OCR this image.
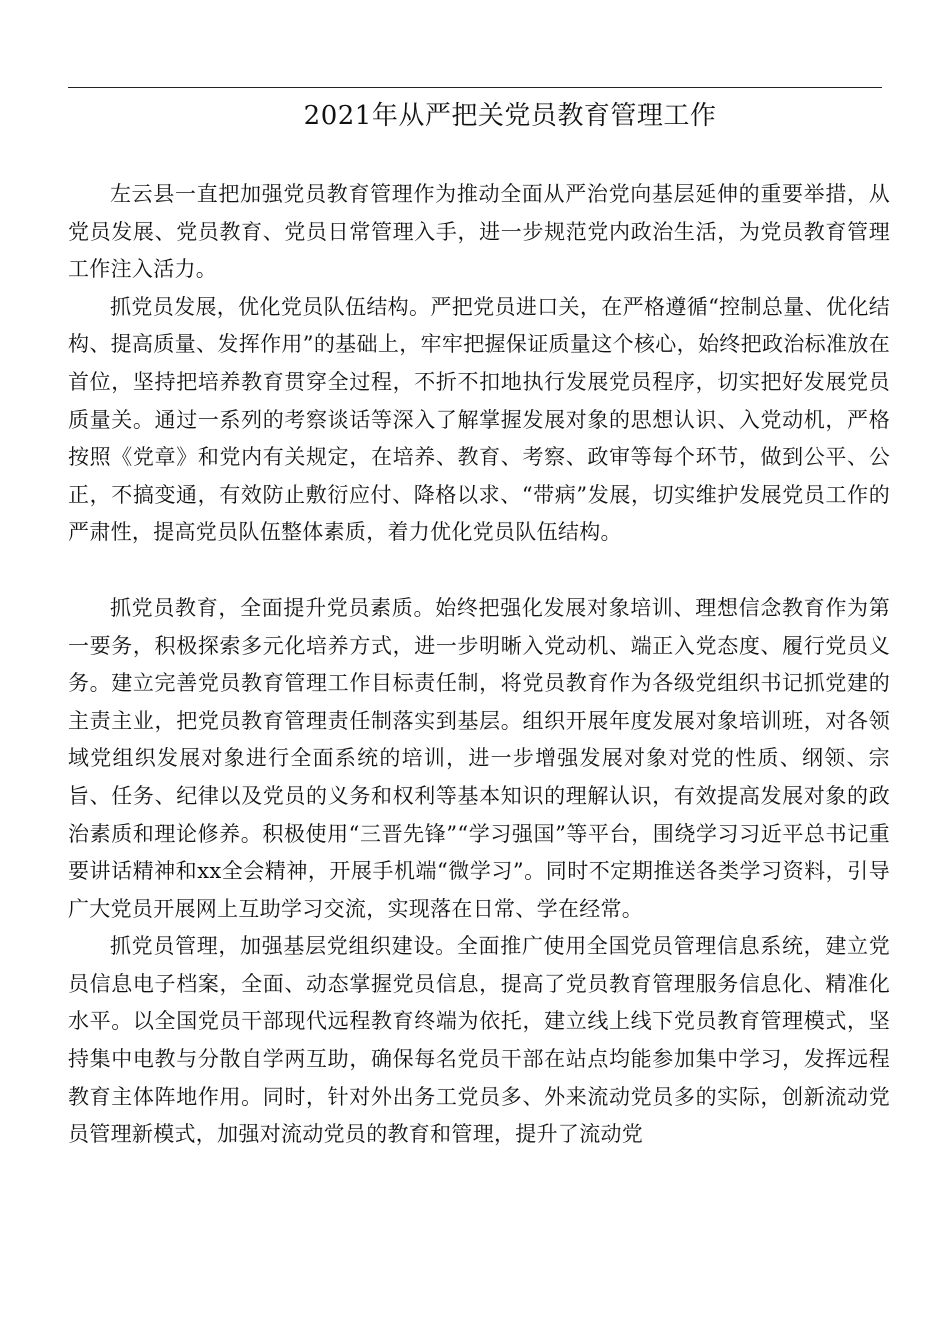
2021年从严把关党员教育管理工作

左云县一直把加强党员教育管理作为推动全面从严治党向基层延伸的重要举措，从党员发展、党员教育、党员日常管理入手，进一步规范党内政治生活，为党员教育管理工作注入活力。

抓党员发展，优化党员队伍结构。严把党员进口关，在严格遵循“控制总量、优化结构、提高质量、发挥作用”的基础上，牢牢把握保证质量这个核心，始终把政治标准放在首位，坚持把培养教育贯穿全过程，不折不扣地执行发展党员程序，切实把好发展党员质量关。通过一系列的考察谈话等深入了解掌握发展对象的思想认识、入党动机，严格按照《党章》和党内有关规定，在培养、教育、考察、政审等每个环节，做到公平、公正，不搞变通，有效防止敷衍应付、降格以求、“带病”发展，切实维护发展党员工作的严肃性，提高党员队伍整体素质，着力优化党员队伍结构。

抓党员教育，全面提升党员素质。始终把强化发展对象培训、理想信念教育作为第一要务，积极探索多元化培养方式，进一步明晰入党动机、端正入党态度、履行党员义务。建立完善党员教育管理工作目标责任制，将党员教育作为各级党组织书记抓党建的主责主业，把党员教育管理责任制落实到基层。组织开展年度发展对象培训班，对各领域党组织发展对象进行全面系统的培训，进一步增强发展对象对党的性质、纲领、宗旨、任务、纪律以及党员的义务和权利等基本知识的理解认识，有效提高发展对象的政治素质和理论修养。积极使用“三晋先锋”“学习强国”等平台，围绕学习习近平总书记重要讲话精神和xx全会精神，开展手机端“微学习”。同时不定期推送各类学习资料，引导广大党员开展网上互助学习交流，实现落在日常、学在经常。

抓党员管理，加强基层党组织建设。全面推广使用全国党员管理信息系统，建立党员信息电子档案，全面、动态掌握党员信息，提高了党员教育管理服务信息化、精准化水平。以全国党员干部现代远程教育终端为依托，建立线上线下党员教育管理模式，坚持集中电教与分散自学两互助，确保每名党员干部在站点均能参加集中学习，发挥远程教育主体阵地作用。同时，针对外出务工党员多、外来流动党员多的实际，创新流动党员管理新模式，加强对流动党员的教育和管理，提升了流动党
